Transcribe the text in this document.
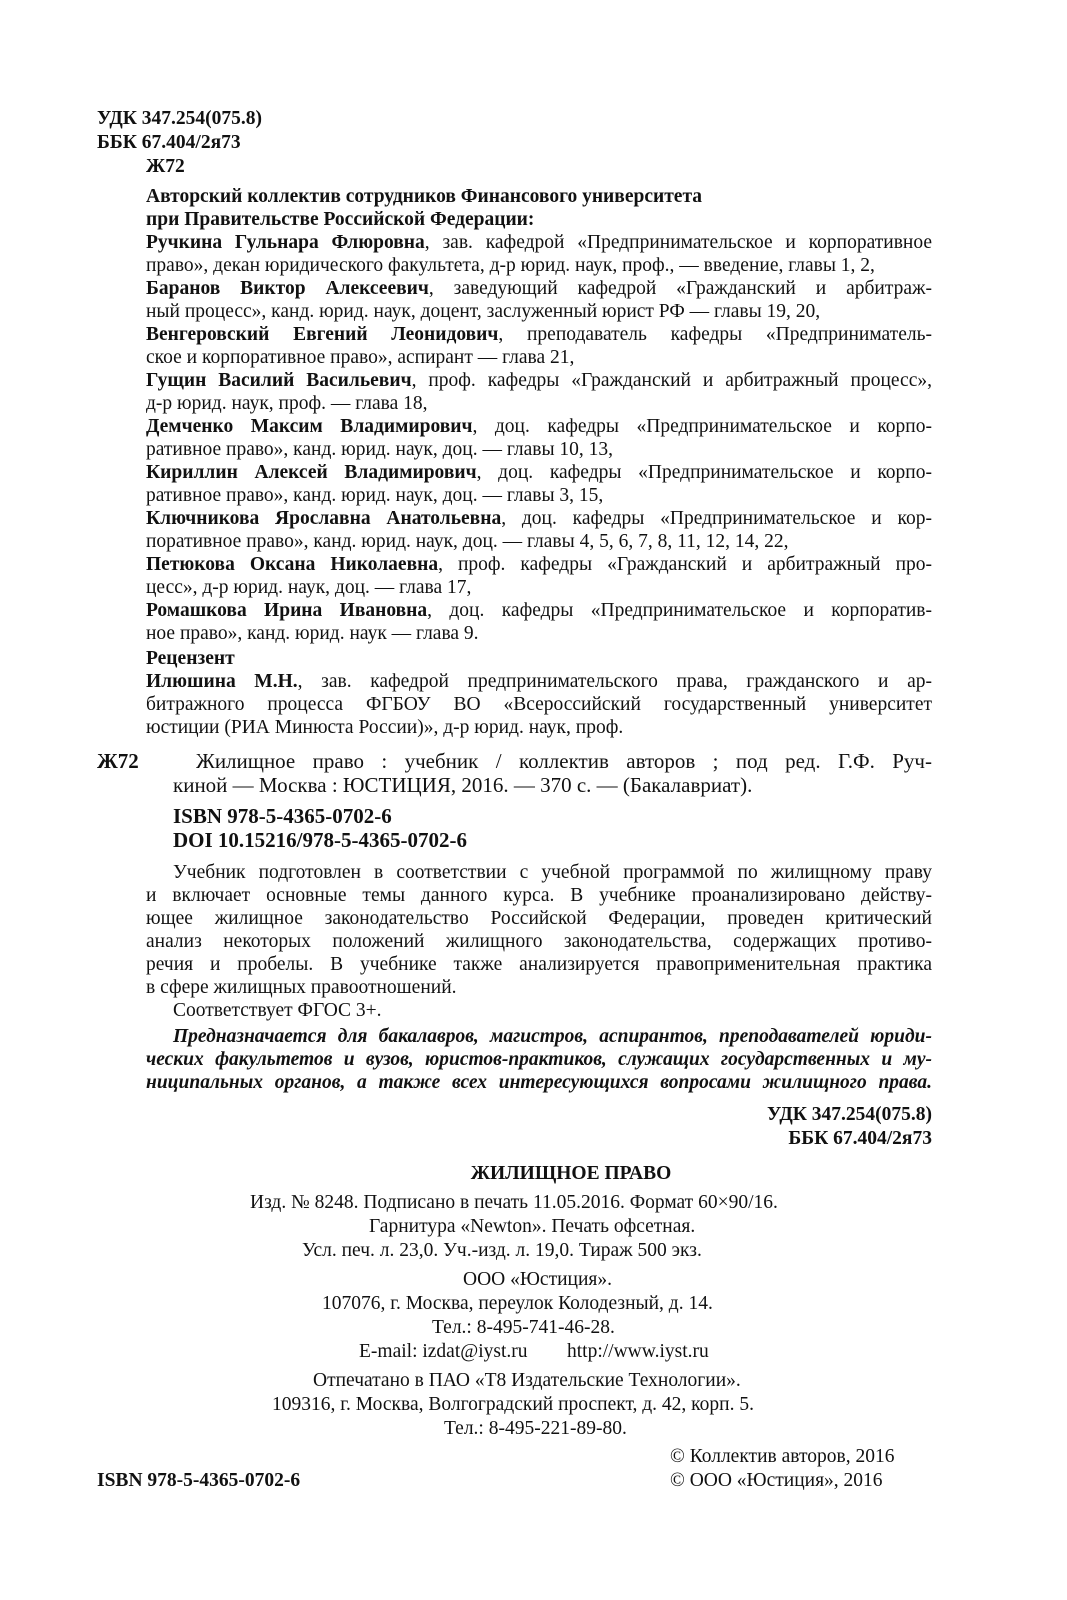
УДК 347.254(075.8)
ББК 67.404/2я73
Ж72
Авторский коллектив сотрудников Финансового университета
при Правительстве Российской Федерации:
Ручкина Гульнара Флюровна, зав. кафедрой «Предпринимательское и корпоративное
право», декан юридического факультета, д-р юрид. наук, проф., — введение, главы 1, 2,
Баранов Виктор Алексеевич, заведующий кафедрой «Гражданский и арбитраж-
ный процесс», канд. юрид. наук, доцент, заслуженный юрист РФ — главы 19, 20,
Венгеровский Евгений Леонидович, преподаватель кафедры «Предприниматель-
ское и корпоративное право», аспирант — глава 21,
Гущин Василий Васильевич, проф. кафедры «Гражданский и арбитражный процесс»,
д-р юрид. наук, проф. — глава 18,
Демченко Максим Владимирович, доц. кафедры «Предпринимательское и корпо-
ративное право», канд. юрид. наук, доц. — главы 10, 13,
Кириллин Алексей Владимирович, доц. кафедры «Предпринимательское и корпо-
ративное право», канд. юрид. наук, доц. — главы 3, 15,
Ключникова Ярославна Анатольевна, доц. кафедры «Предпринимательское и кор-
поративное право», канд. юрид. наук, доц. — главы 4, 5, 6, 7, 8, 11, 12, 14, 22,
Петюкова Оксана Николаевна, проф. кафедры «Гражданский и арбитражный про-
цесс», д-р юрид. наук, доц. — глава 17,
Ромашкова Ирина Ивановна, доц. кафедры «Предпринимательское и корпоратив-
ное право», канд. юрид. наук — глава 9.
Рецензент
Илюшина М.Н., зав. кафедрой предпринимательского права, гражданского и ар-
битражного процесса ФГБОУ ВО «Всероссийский государственный университет
юстиции (РИА Минюста России)», д-р юрид. наук, проф.
Ж72	Жилищное право : учебник / коллектив авторов ; под ред. Г.Ф. Руч-
киной — Москва : ЮСТИЦИЯ, 2016. — 370 с. — (Бакалавриат).
ISBN 978-5-4365-0702-6
DOI 10.15216/978-5-4365-0702-6
Учебник подготовлен в соответствии с учебной программой по жилищному праву
и включает основные темы данного курса. В учебнике проанализировано действу-
ющее жилищное законодательство Российской Федерации, проведен критический
анализ некоторых положений жилищного законодательства, содержащих противо-
речия и пробелы. В учебнике также анализируется правоприменительная практика
в сфере жилищных правоотношений.
Соответствует ФГОС 3+.
Предназначается для бакалавров, магистров, аспирантов, преподавателей юриди-
ческих факультетов и вузов, юристов-практиков, служащих государственных и му-
ниципальных органов, а также всех интересующихся вопросами жилищного права.
УДК 347.254(075.8)
ББК 67.404/2я73
ЖИЛИЩНОЕ ПРАВО
Изд. № 8248. Подписано в печать 11.05.2016. Формат 60×90/16.
Гарнитура «Newton». Печать офсетная.
Усл. печ. л. 23,0. Уч.-изд. л. 19,0. Тираж 500 экз.
ООО «Юстиция».
107076, г. Москва, переулок Колодезный, д. 14.
Тел.: 8-495-741-46-28.
E-mail: izdat@iyst.ru http://www.iyst.ru
Отпечатано в ПАО «T8 Издательские Технологии».
109316, г. Москва, Волгоградский проспект, д. 42, корп. 5.
Тел.: 8-495-221-89-80.
© Коллектив авторов, 2016
ISBN 978-5-4365-0702-6	© ООО «Юстиция», 2016
